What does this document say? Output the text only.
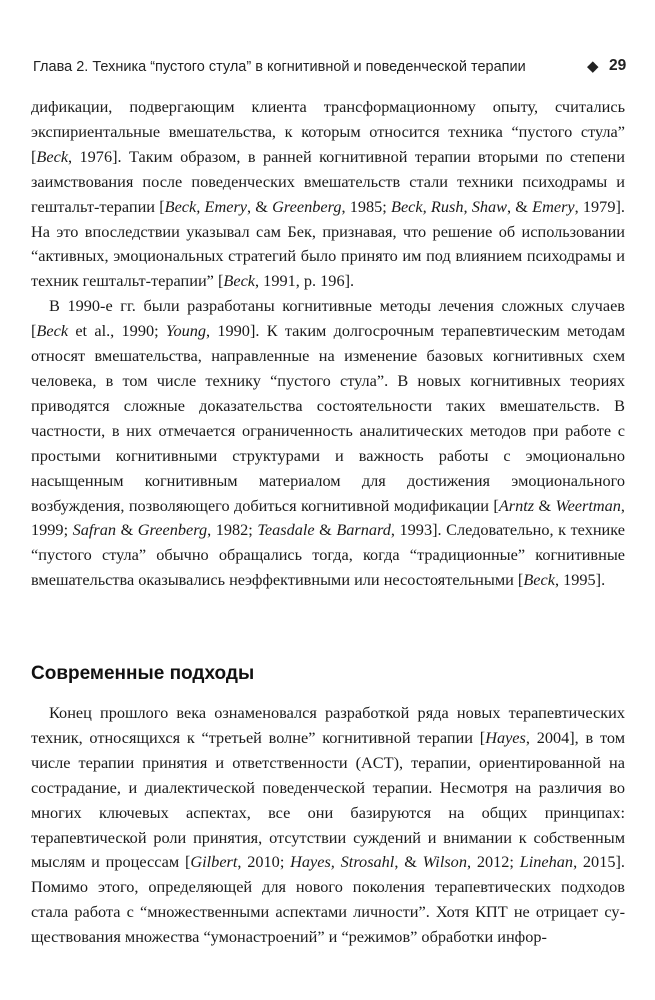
Глава 2. Техника “пустого стула” в когнитивной и поведенческой терапии	◆ 29

дификации, подвергающим клиента трансформационному опыту, считались экспириентальные вмешательства, к которым относится техника “пустого стула” [Beck, 1976]. Таким образом, в ранней когнитивной терапии вторыми по степени заимствования после поведенческих вмешательств стали техники психодрамы и гештальт-терапии [Beck, Emery, & Greenberg, 1985; Beck, Rush, Shaw, & Emery, 1979]. На это впоследствии указывал сам Бек, признавая, что решение об использовании “активных, эмоциональных стратегий было принято им под влиянием психодрамы и техник гештальт-терапии” [Beck, 1991, p. 196].

В 1990-е гг. были разработаны когнитивные методы лечения сложных случаев [Beck et al., 1990; Young, 1990]. К таким долгосрочным терапевтическим методам относят вмешательства, направленные на изменение базовых когнитивных схем человека, в том числе технику “пустого стула”. В новых когнитивных теориях приводятся сложные доказательства состоятельности таких вмешательств. В частности, в них отмечается ограниченность аналитических методов при работе с простыми когнитивными структурами и важность работы с эмоционально насыщенным когнитивным материалом для достижения эмоционального возбуждения, позволяющего добиться когнитивной модификации [Arntz & Weertman, 1999; Safran & Greenberg, 1982; Teasdale & Barnard, 1993]. Следовательно, к технике “пустого стула” обычно обращались тогда, когда “традиционные” когнитивные вмешательства оказывались неэффективными или несостоятельными [Beck, 1995].

Современные подходы

Конец прошлого века ознаменовался разработкой ряда новых терапевтических техник, относящихся к “третьей волне” когнитивной терапии [Hayes, 2004], в том числе терапии принятия и ответственности (ACT), терапии, ориентированной на сострадание, и диалектической поведенческой терапии. Несмотря на различия во многих ключевых аспектах, все они базируются на общих принципах: терапевтической роли принятия, отсутствии суждений и внимании к собственным мыслям и процессам [Gilbert, 2010; Hayes, Strosahl, & Wilson, 2012; Linehan, 2015]. Помимо этого, определяющей для нового поколения терапевтических подходов стала работа с “множественными аспектами личности”. Хотя КПТ не отрицает существования множества “умонастроений” и “режимов” обработки инфор-
